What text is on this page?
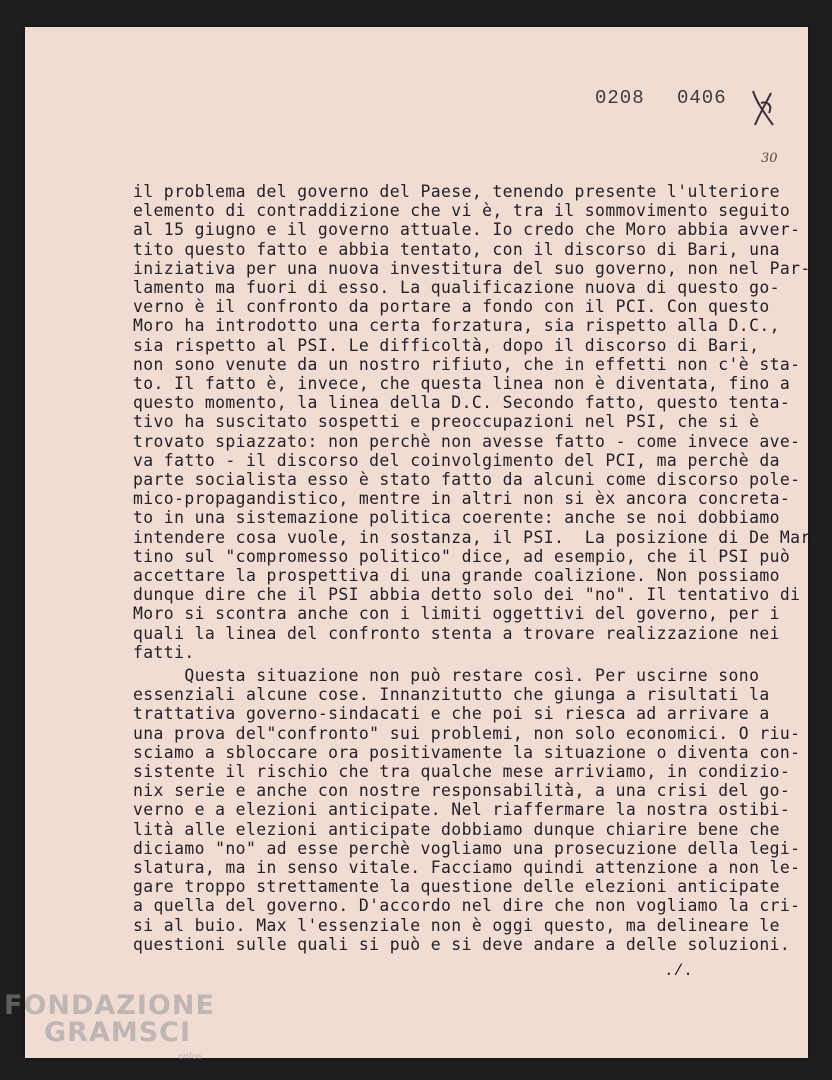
0208 0406
30
il problema del governo del Paese, tenendo presente l'ulteriore
elemento di contraddizione che vi è, tra il sommovimento seguito
al 15 giugno e il governo attuale. Io credo che Moro abbia avver-
tito questo fatto e abbia tentato, con il discorso di Bari, una
iniziativa per una nuova investitura del suo governo, non nel Par-
lamento ma fuori di esso. La qualificazione nuova di questo go-
verno è il confronto da portare a fondo con il PCI. Con questo
Moro ha introdotto una certa forzatura, sia rispetto alla D.C.,
sia rispetto al PSI. Le difficoltà, dopo il discorso di Bari,
non sono venute da un nostro rifiuto, che in effetti non c'è sta-
to. Il fatto è, invece, che questa linea non è diventata, fino a
questo momento, la linea della D.C. Secondo fatto, questo tenta-
tivo ha suscitato sospetti e preoccupazioni nel PSI, che si è
trovato spiazzato: non perchè non avesse fatto - come invece ave-
va fatto - il discorso del coinvolgimento del PCI, ma perchè da
parte socialista esso è stato fatto da alcuni come discorso pole-
mico-propagandistico, mentre in altri non si èx ancora concreta-
to in una sistemazione politica coerente: anche se noi dobbiamo
intendere cosa vuole, in sostanza, il PSI.  La posizione di De Mar-
tino sul "compromesso politico" dice, ad esempio, che il PSI può
accettare la prospettiva di una grande coalizione. Non possiamo
dunque dire che il PSI abbia detto solo dei "no". Il tentativo di
Moro si scontra anche con i limiti oggettivi del governo, per i
quali la linea del confronto stenta a trovare realizzazione nei
fatti.

Questa situazione non può restare così. Per uscirne sono
essenziali alcune cose. Innanzitutto che giunga a risultati la
trattativa governo-sindacati e che poi si riesca ad arrivare a
una prova del"confronto" sui problemi, non solo economici. O riu-
sciamo a sbloccare ora positivamente la situazione o diventa con-
sistente il rischio che tra qualche mese arriviamo, in condizio-
nix serie e anche con nostre responsabilità, a una crisi del go-
verno e a elezioni anticipate. Nel riaffermare la nostra ostibi-
lità alle elezioni anticipate dobbiamo dunque chiarire bene che
diciamo "no" ad esse perchè vogliamo una prosecuzione della legi-
slatura, ma in senso vitale. Facciamo quindi attenzione a non le-
gare troppo strettamente la questione delle elezioni anticipate
a quella del governo. D'accordo nel dire che non vogliamo la cri-
si al buio. Max l'essenziale non è oggi questo, ma delineare le
questioni sulle quali si può e si deve andare a delle soluzioni.

./.
FONDAZIONE
GRAMSCI
onlus
